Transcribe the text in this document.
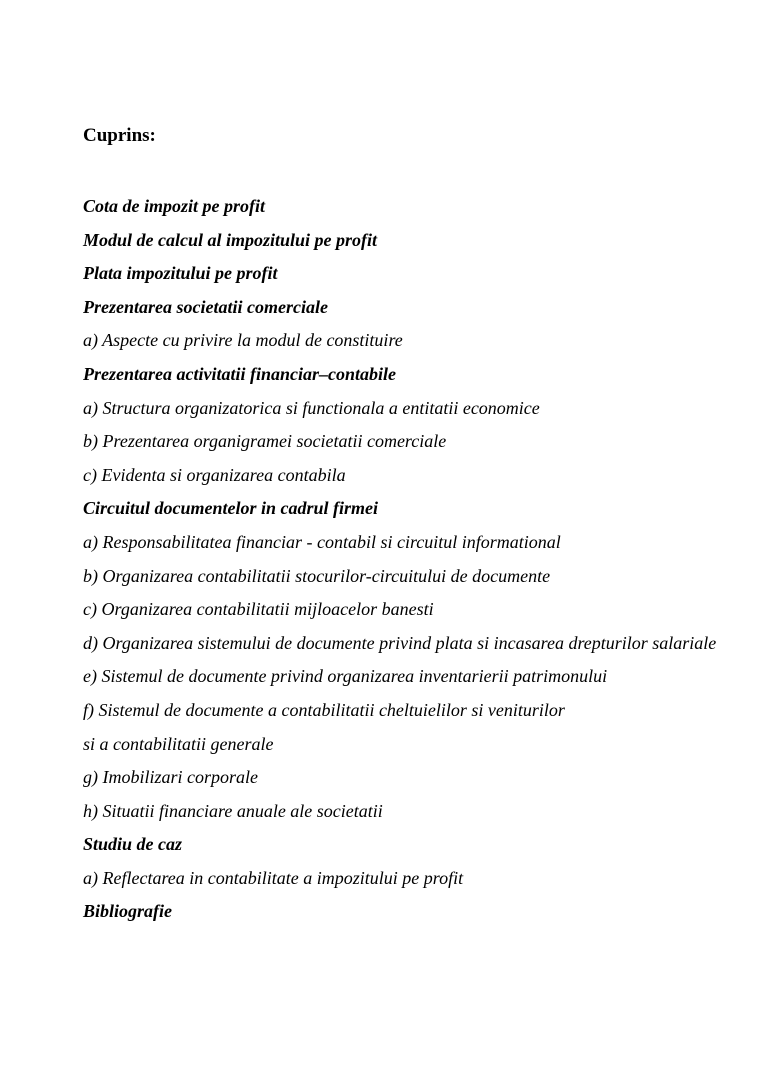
Cuprins:
Cota de impozit pe profit
Modul de calcul al impozitului pe profit
Plata impozitului pe profit
Prezentarea societatii comerciale
a) Aspecte cu privire la modul de constituire
Prezentarea activitatii financiar–contabile
a) Structura organizatorica si functionala a entitatii economice
b) Prezentarea organigramei societatii comerciale
c) Evidenta si organizarea contabila
Circuitul documentelor in cadrul firmei
a) Responsabilitatea financiar - contabil si circuitul informational
b) Organizarea contabilitatii stocurilor-circuitului de documente
c) Organizarea contabilitatii mijloacelor banesti
d) Organizarea sistemului de documente privind plata si incasarea drepturilor salariale
e) Sistemul de documente privind organizarea inventarierii patrimonului
f) Sistemul de documente a contabilitatii cheltuielilor si veniturilor
si a contabilitatii generale
g) Imobilizari corporale
h) Situatii financiare anuale ale societatii
Studiu de caz
a) Reflectarea in contabilitate a impozitului pe profit
Bibliografie
